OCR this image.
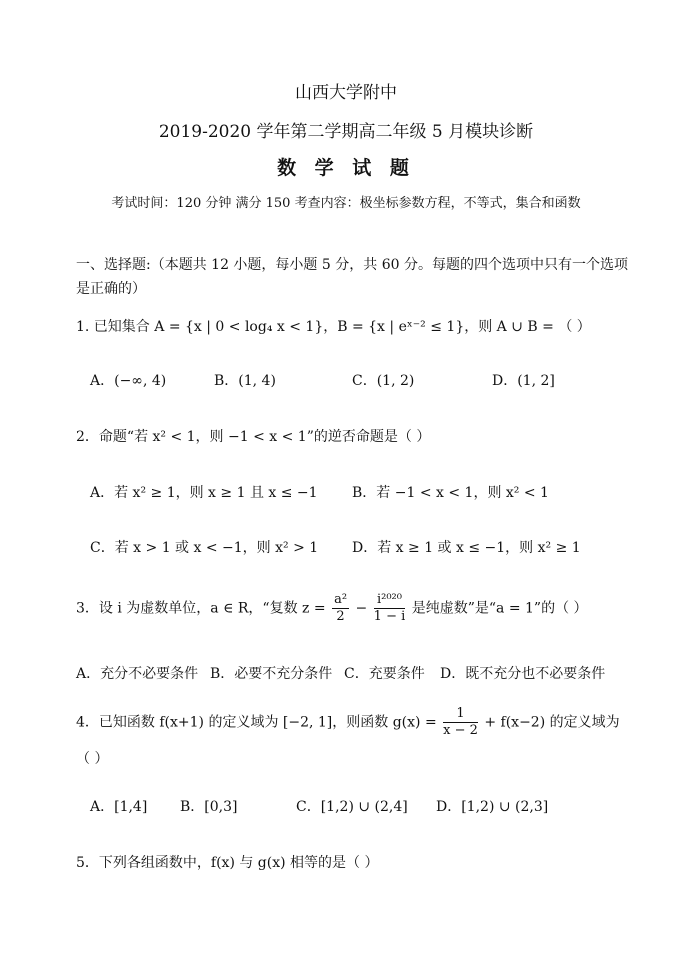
山西大学附中
2019-2020 学年第二学期高二年级 5 月模块诊断
数 学 试 题
考试时间：120 分钟 满分 150 考查内容：极坐标参数方程，不等式，集合和函数
一、选择题:（本题共 12 小题，每小题 5 分，共 60 分。每题的四个选项中只有一个选项是正确的）
1. 已知集合 A = {x | 0 < log₄ x < 1}，B = {x | eˣ⁻² ≤ 1}，则 A ∪ B = （ ）
A．(−∞, 4)	B．(1, 4)	C．(1, 2)	D．(1, 2]
2．命题“若 x² < 1，则 −1 < x < 1”的逆否命题是（ ）
A．若 x² ≥ 1，则 x ≥ 1 且 x ≤ −1 B．若 −1 < x < 1，则 x² < 1
C．若 x > 1 或 x < −1，则 x² > 1 D．若 x ≥ 1 或 x ≤ −1，则 x² ≥ 1
3．设 i 为虚数单位，a ∈ R，“复数 $z = \frac{\text{a²}}{2} - \frac{\text{i²⁰²⁰}}{1 - i}$ 是纯虚数”是“a = 1”的（ ）
A．充分不必要条件 B．必要不充分条件 C．充要条件 D．既不充分也不必要条件
4．已知函数 f(x+1) 的定义域为 [−2, 1]，则函数 $g(x) = \frac{1}{x - 2} + f(x-2)$ 的定义域为
（ ）
A．[1,4] B．[0,3]	C．[1,2) ∪ (2,4] D．[1,2) ∪ (2,3]
5．下列各组函数中，f(x) 与 g(x) 相等的是（ ）
